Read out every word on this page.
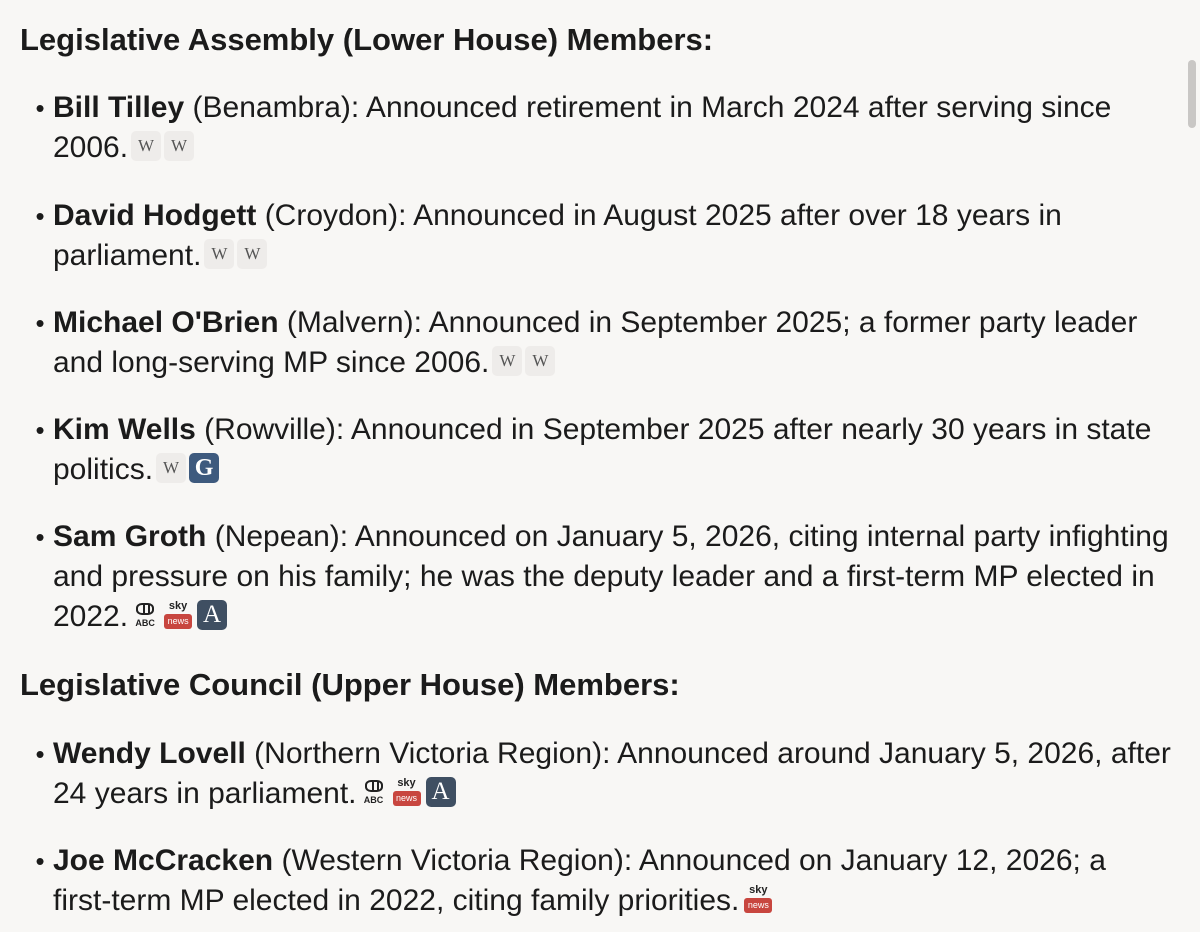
Legislative Assembly (Lower House) Members:
• Bill Tilley (Benambra): Announced retirement in March 2024 after serving since 2006. W W
• David Hodgett (Croydon): Announced in August 2025 after over 18 years in parliament. W W
• Michael O'Brien (Malvern): Announced in September 2025; a former party leader and long-serving MP since 2006. W W
• Kim Wells (Rowville): Announced in September 2025 after nearly 30 years in state politics. W G
• Sam Groth (Nepean): Announced on January 5, 2026, citing internal party infighting and pressure on his family; he was the deputy leader and a first-term MP elected in 2022. ABC
sky
news A
Legislative Council (Upper House) Members:
• Wendy Lovell (Northern Victoria Region): Announced around January 5, 2026, after 24 years in parliament. ABC
sky
news A
• Joe McCracken (Western Victoria Region): Announced on January 12, 2026; a first-term MP elected in 2022, citing family priorities. sky
news
